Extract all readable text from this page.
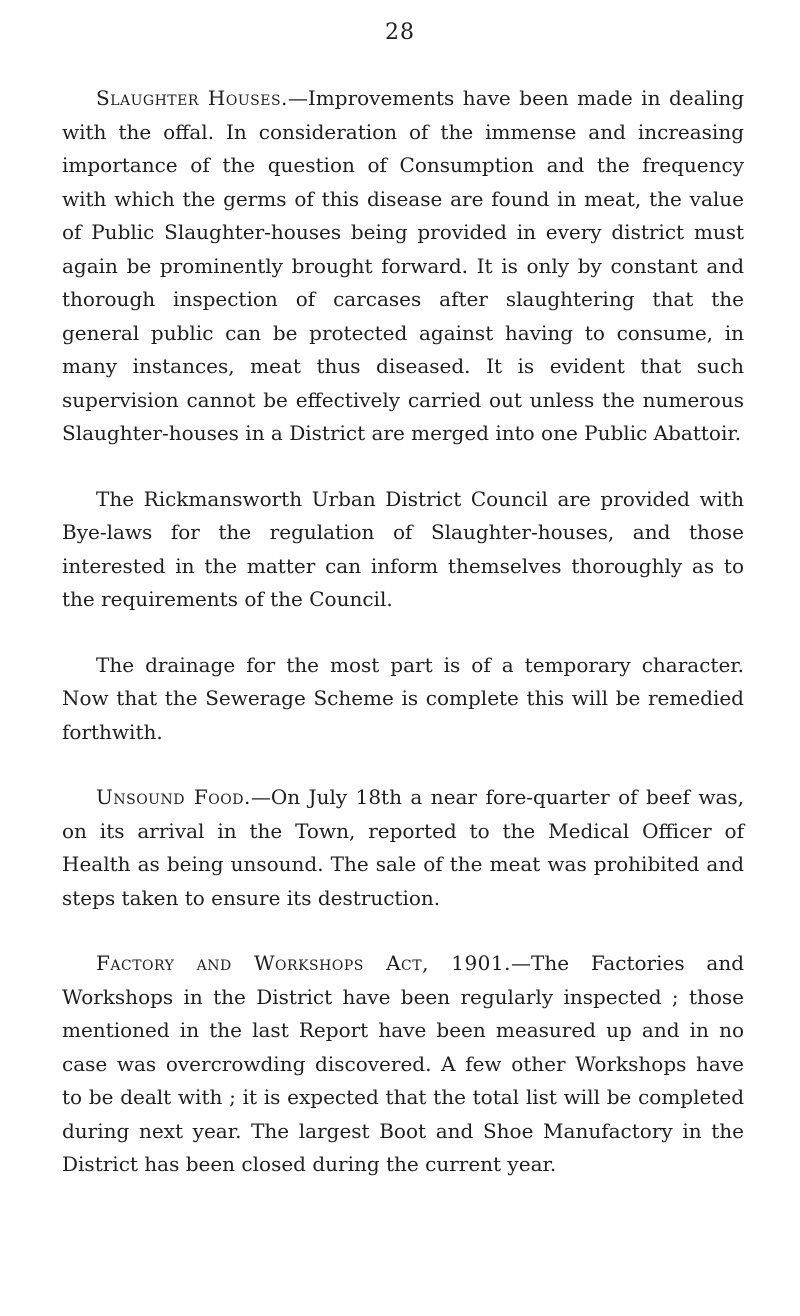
28

Slaughter Houses.—Improvements have been made in dealing with the offal. In consideration of the immense and increasing importance of the question of Consumption and the frequency with which the germs of this disease are found in meat, the value of Public Slaughter-houses being provided in every district must again be prominently brought forward. It is only by constant and thorough inspection of carcases after slaughtering that the general public can be protected against having to consume, in many instances, meat thus diseased. It is evident that such supervision cannot be effectively carried out unless the numerous Slaughter-houses in a District are merged into one Public Abattoir.

The Rickmansworth Urban District Council are provided with Bye-laws for the regulation of Slaughter-houses, and those interested in the matter can inform themselves thoroughly as to the requirements of the Council.

The drainage for the most part is of a temporary character. Now that the Sewerage Scheme is complete this will be remedied forthwith.

Unsound Food.—On July 18th a near fore-quarter of beef was, on its arrival in the Town, reported to the Medical Officer of Health as being unsound. The sale of the meat was prohibited and steps taken to ensure its destruction.

Factory and Workshops Act, 1901.—The Factories and Workshops in the District have been regularly inspected ; those mentioned in the last Report have been measured up and in no case was overcrowding discovered. A few other Workshops have to be dealt with ; it is expected that the total list will be completed during next year. The largest Boot and Shoe Manufactory in the District has been closed during the current year.
